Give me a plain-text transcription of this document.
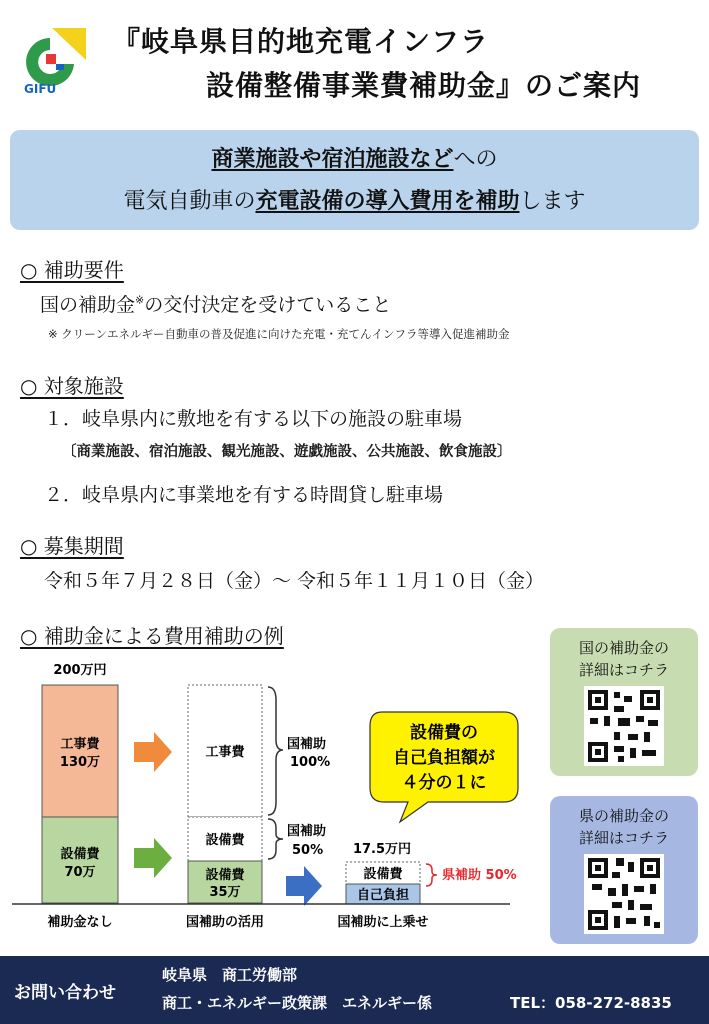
GIFU
『岐阜県目的地充電インフラ
設備整備事業費補助金』のご案内
商業施設や宿泊施設などへの
電気自動車の充電設備の導入費用を補助します
○ 補助要件
国の補助金※の交付決定を受けていること
※ クリーンエネルギー自動車の普及促進に向けた充電・充てんインフラ等導入促進補助金
○ 対象施設
１．岐阜県内に敷地を有する以下の施設の駐車場
〔商業施設、宿泊施設、観光施設、遊戯施設、公共施設、飲食施設〕
２．岐阜県内に事業地を有する時間貸し駐車場
○ 募集期間
令和５年７月２８日（金）～ 令和５年１１月１０日（金）
○ 補助金による費用補助の例
200万円
工事費
130万
設備費
70万
工事費
設備費
設備費
35万
国補助
100%
国補助
50% 17.5万円
設備費
自己負担
県補助 50%
補助金なし	国補助の活用	国補助に上乗せ
設備費の
自己負担額が
４分の１に
国の補助金の
詳細はコチラ
県の補助金の
詳細はコチラ
お問い合わせ
岐阜県　商工労働部
商工・エネルギー政策課　エネルギー係	TEL：058-272-8835
